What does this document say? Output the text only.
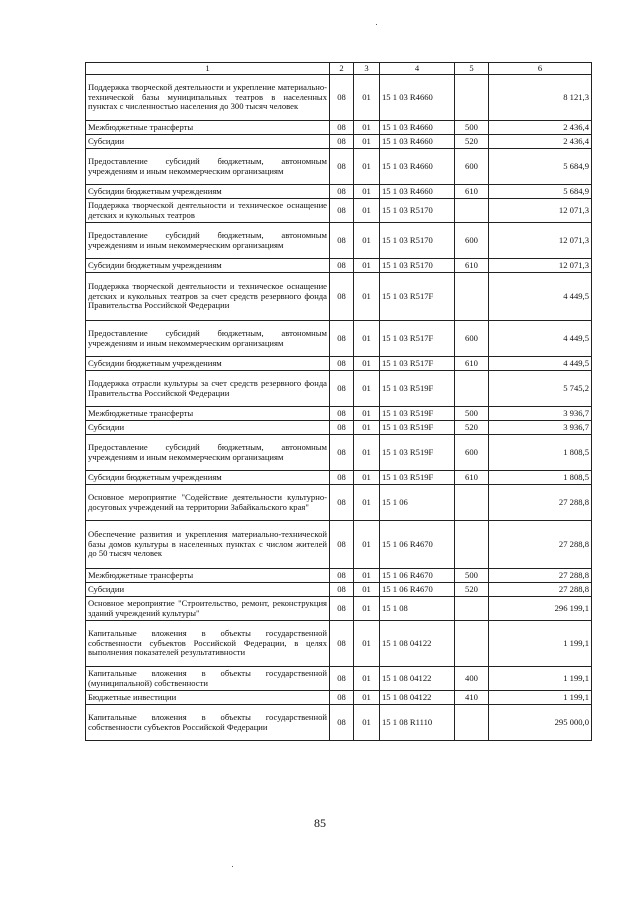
1	2	3	4	5	6
Поддержка творческой деятельности и укрепление материально-технической базы муниципальных театров в населенных пунктах с численностью населения до 300 тысяч человек	08	01	15 1 03 R4660		8 121,3
Межбюджетные трансферты	08	01	15 1 03 R4660	500	2 436,4
Субсидии	08	01	15 1 03 R4660	520	2 436,4
Предоставление субсидий бюджетным, автономным учреждениям и иным некоммерческим организациям	08	01	15 1 03 R4660	600	5 684,9
Субсидии бюджетным учреждениям	08	01	15 1 03 R4660	610	5 684,9
Поддержка творческой деятельности и техническое оснащение детских и кукольных театров	08	01	15 1 03 R5170		12 071,3
Предоставление субсидий бюджетным, автономным учреждениям и иным некоммерческим организациям	08	01	15 1 03 R5170	600	12 071,3
Субсидии бюджетным учреждениям	08	01	15 1 03 R5170	610	12 071,3
Поддержка творческой деятельности и техническое оснащение детских и кукольных театров за счет средств резервного фонда Правительства Российской Федерации	08	01	15 1 03 R517F		4 449,5
Предоставление субсидий бюджетным, автономным учреждениям и иным некоммерческим организациям	08	01	15 1 03 R517F	600	4 449,5
Субсидии бюджетным учреждениям	08	01	15 1 03 R517F	610	4 449,5
Поддержка отрасли культуры за счет средств резервного фонда Правительства Российской Федерации	08	01	15 1 03 R519F		5 745,2
Межбюджетные трансферты	08	01	15 1 03 R519F	500	3 936,7
Субсидии	08	01	15 1 03 R519F	520	3 936,7
Предоставление субсидий бюджетным, автономным учреждениям и иным некоммерческим организациям	08	01	15 1 03 R519F	600	1 808,5
Субсидии бюджетным учреждениям	08	01	15 1 03 R519F	610	1 808,5
Основное мероприятие "Содействие деятельности культурно-досуговых учреждений на территории Забайкальского края"	08	01	15 1 06		27 288,8
Обеспечение развития и укрепления материально-технической базы домов культуры в населенных пунктах с числом жителей до 50 тысяч человек	08	01	15 1 06 R4670		27 288,8
Межбюджетные трансферты	08	01	15 1 06 R4670	500	27 288,8
Субсидии	08	01	15 1 06 R4670	520	27 288,8
Основное мероприятие "Строительство, ремонт, реконструкция зданий учреждений культуры"	08	01	15 1 08		296 199,1
Капитальные вложения в объекты государственной собственности субъектов Российской Федерации, в целях выполнения показателей результативности	08	01	15 1 08 04122		1 199,1
Капитальные вложения в объекты государственной (муниципальной) собственности	08	01	15 1 08 04122	400	1 199,1
Бюджетные инвестиции	08	01	15 1 08 04122	410	1 199,1
Капитальные вложения в объекты государственной собственности субъектов Российской Федерации	08	01	15 1 08 R1110		295 000,0
85
